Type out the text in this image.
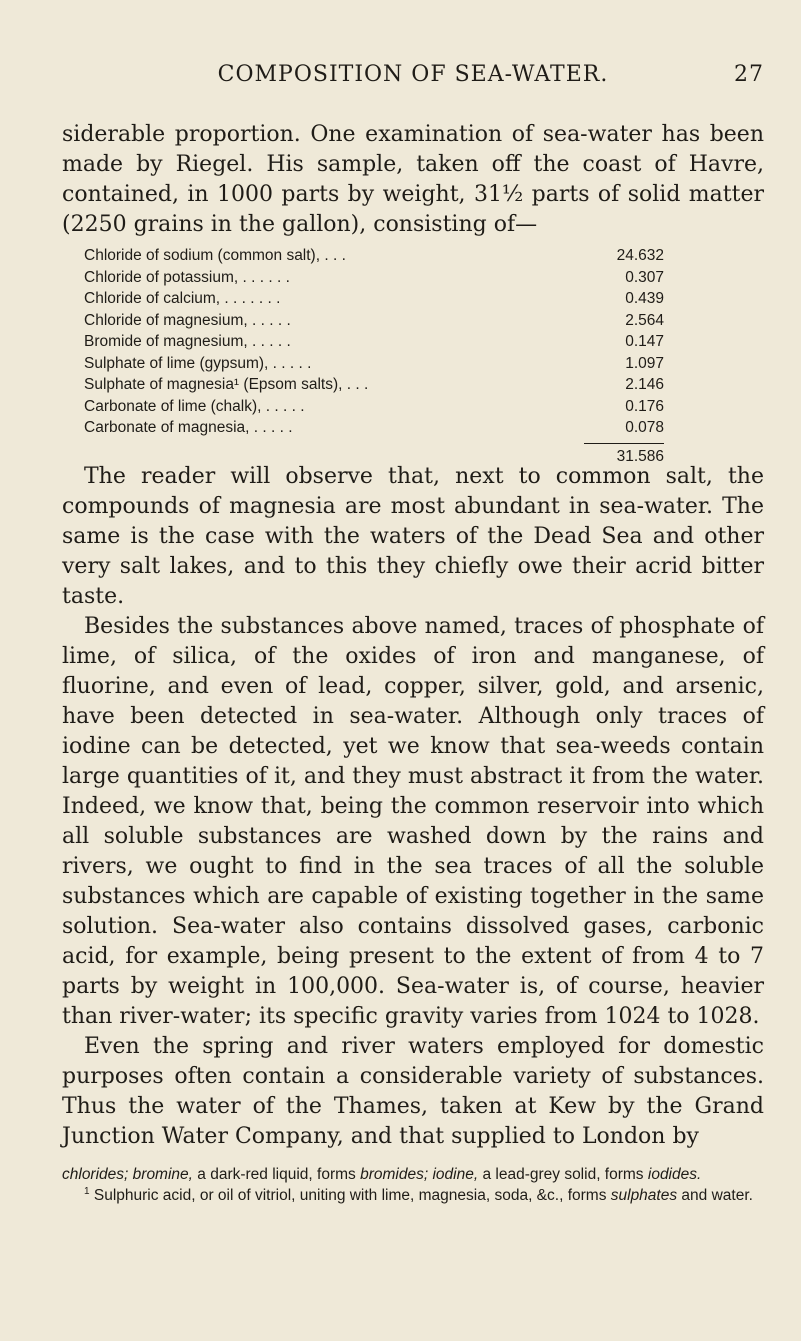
COMPOSITION OF SEA-WATER.	27
siderable proportion. One examination of sea-water has been made by Riegel. His sample, taken off the coast of Havre, contained, in 1000 parts by weight, 31½ parts of solid matter (2250 grains in the gallon), consisting of—
Chloride of sodium (common salt), . . .	24.632
Chloride of potassium, . . . . . .	0.307
Chloride of calcium, . . . . . . .	0.439
Chloride of magnesium, . . . . .	2.564
Bromide of magnesium, . . . . .	0.147
Sulphate of lime (gypsum), . . . . .	1.097
Sulphate of magnesia¹ (Epsom salts), . . .	2.146
Carbonate of lime (chalk), . . . . .	0.176
Carbonate of magnesia, . . . . .	0.078
31.586
The reader will observe that, next to common salt, the compounds of magnesia are most abundant in sea-water. The same is the case with the waters of the Dead Sea and other very salt lakes, and to this they chiefly owe their acrid bitter taste.
Besides the substances above named, traces of phosphate of lime, of silica, of the oxides of iron and manganese, of fluorine, and even of lead, copper, silver, gold, and arsenic, have been detected in sea-water. Although only traces of iodine can be detected, yet we know that sea-weeds contain large quantities of it, and they must abstract it from the water. Indeed, we know that, being the common reservoir into which all soluble substances are washed down by the rains and rivers, we ought to find in the sea traces of all the soluble substances which are capable of existing together in the same solution. Sea-water also contains dissolved gases, carbonic acid, for example, being present to the extent of from 4 to 7 parts by weight in 100,000. Sea-water is, of course, heavier than river-water; its specific gravity varies from 1024 to 1028.
Even the spring and river waters employed for domestic purposes often contain a considerable variety of substances. Thus the water of the Thames, taken at Kew by the Grand Junction Water Company, and that supplied to London by

chlorides; bromine, a dark-red liquid, forms bromides; iodine, a lead-grey solid, forms iodides.

$^1$ Sulphuric acid, or oil of vitriol, uniting with lime, magnesia, soda, &c., forms sulphates and water.
